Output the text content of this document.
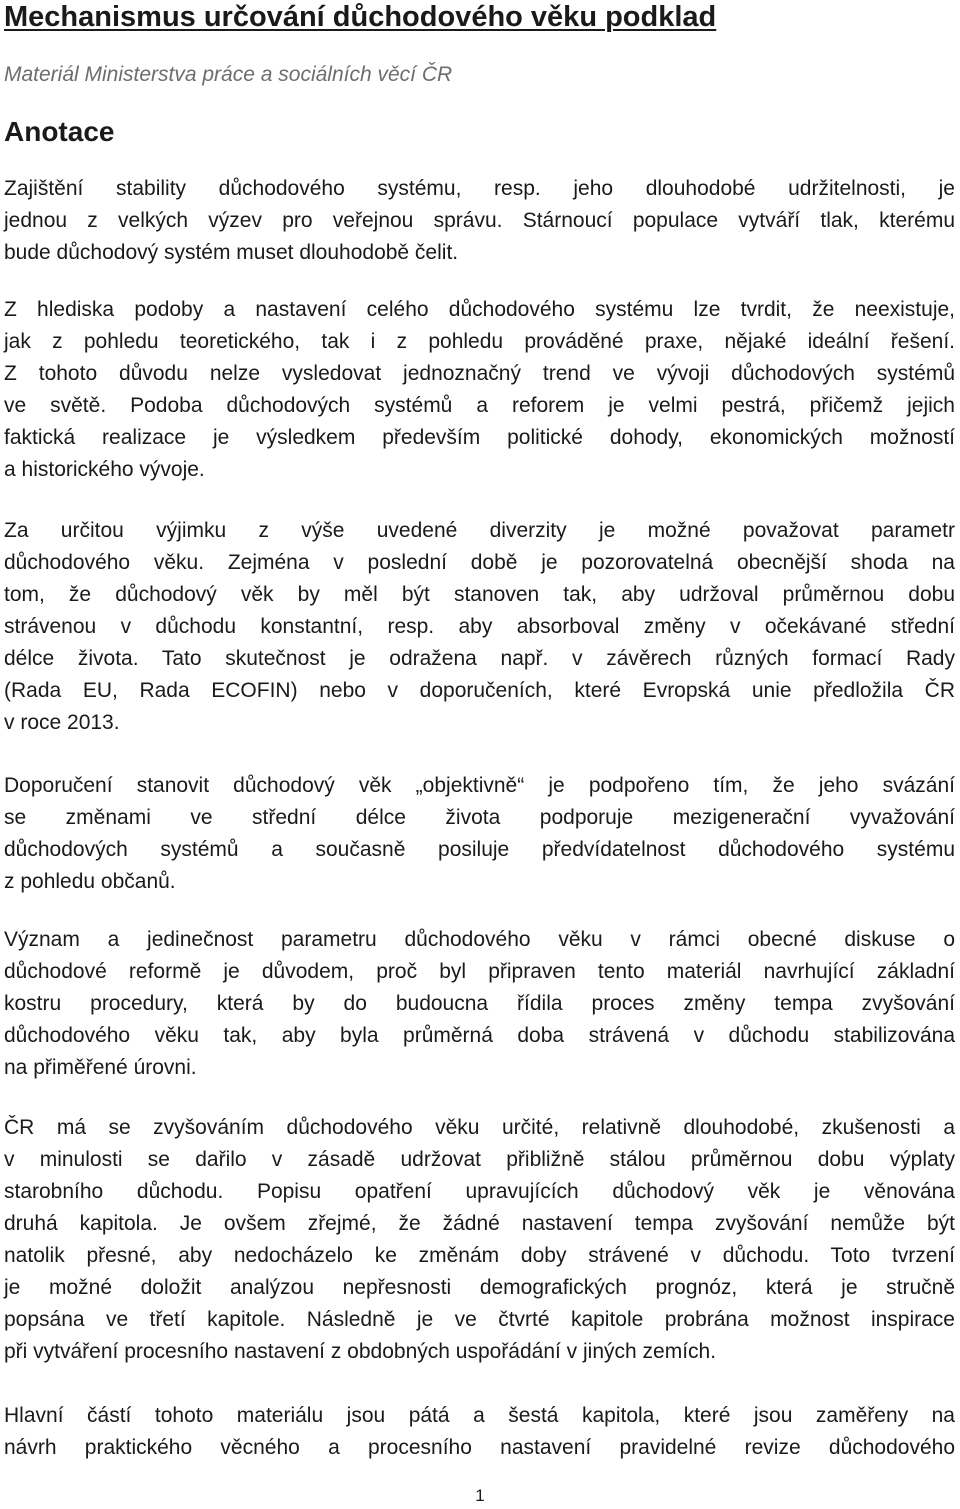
Mechanismus určování důchodového věku podklad

Materiál Ministerstva práce a sociálních věcí ČR

Anotace
Zajištění stability důchodového systému, resp. jeho dlouhodobé udržitelnosti, je
jednou z velkých výzev pro veřejnou správu. Stárnoucí populace vytváří tlak, kterému
bude důchodový systém muset dlouhodobě čelit.
Z hlediska podoby a nastavení celého důchodového systému lze tvrdit, že neexistuje,
jak z pohledu teoretického, tak i z pohledu prováděné praxe, nějaké ideální řešení.
Z tohoto důvodu nelze vysledovat jednoznačný trend ve vývoji důchodových systémů
ve světě. Podoba důchodových systémů a reforem je velmi pestrá, přičemž jejich
faktická realizace je výsledkem především politické dohody, ekonomických možností
a historického vývoje.
Za určitou výjimku z výše uvedené diverzity je možné považovat parametr
důchodového věku. Zejména v poslední době je pozorovatelná obecnější shoda na
tom, že důchodový věk by měl být stanoven tak, aby udržoval průměrnou dobu
strávenou v důchodu konstantní, resp. aby absorboval změny v očekávané střední
délce života. Tato skutečnost je odražena např. v závěrech různých formací Rady
(Rada EU, Rada ECOFIN) nebo v doporučeních, které Evropská unie předložila ČR
v roce 2013.
Doporučení stanovit důchodový věk „objektivně“ je podpořeno tím, že jeho svázání
se změnami ve střední délce života podporuje mezigenerační vyvažování
důchodových systémů a současně posiluje předvídatelnost důchodového systému
z pohledu občanů.
Význam a jedinečnost parametru důchodového věku v rámci obecné diskuse o
důchodové reformě je důvodem, proč byl připraven tento materiál navrhující základní
kostru procedury, která by do budoucna řídila proces změny tempa zvyšování
důchodového věku tak, aby byla průměrná doba strávená v důchodu stabilizována
na přiměřené úrovni.
ČR má se zvyšováním důchodového věku určité, relativně dlouhodobé, zkušenosti a
v minulosti se dařilo v zásadě udržovat přibližně stálou průměrnou dobu výplaty
starobního důchodu. Popisu opatření upravujících důchodový věk je věnována
druhá kapitola. Je ovšem zřejmé, že žádné nastavení tempa zvyšování nemůže být
natolik přesné, aby nedocházelo ke změnám doby strávené v důchodu. Toto tvrzení
je možné doložit analýzou nepřesnosti demografických prognóz, která je stručně
popsána ve třetí kapitole. Následně je ve čtvrté kapitole probrána možnost inspirace
při vytváření procesního nastavení z obdobných uspořádání v jiných zemích.
Hlavní částí tohoto materiálu jsou pátá a šestá kapitola, které jsou zaměřeny na
návrh praktického věcného a procesního nastavení pravidelné revize důchodového
1
